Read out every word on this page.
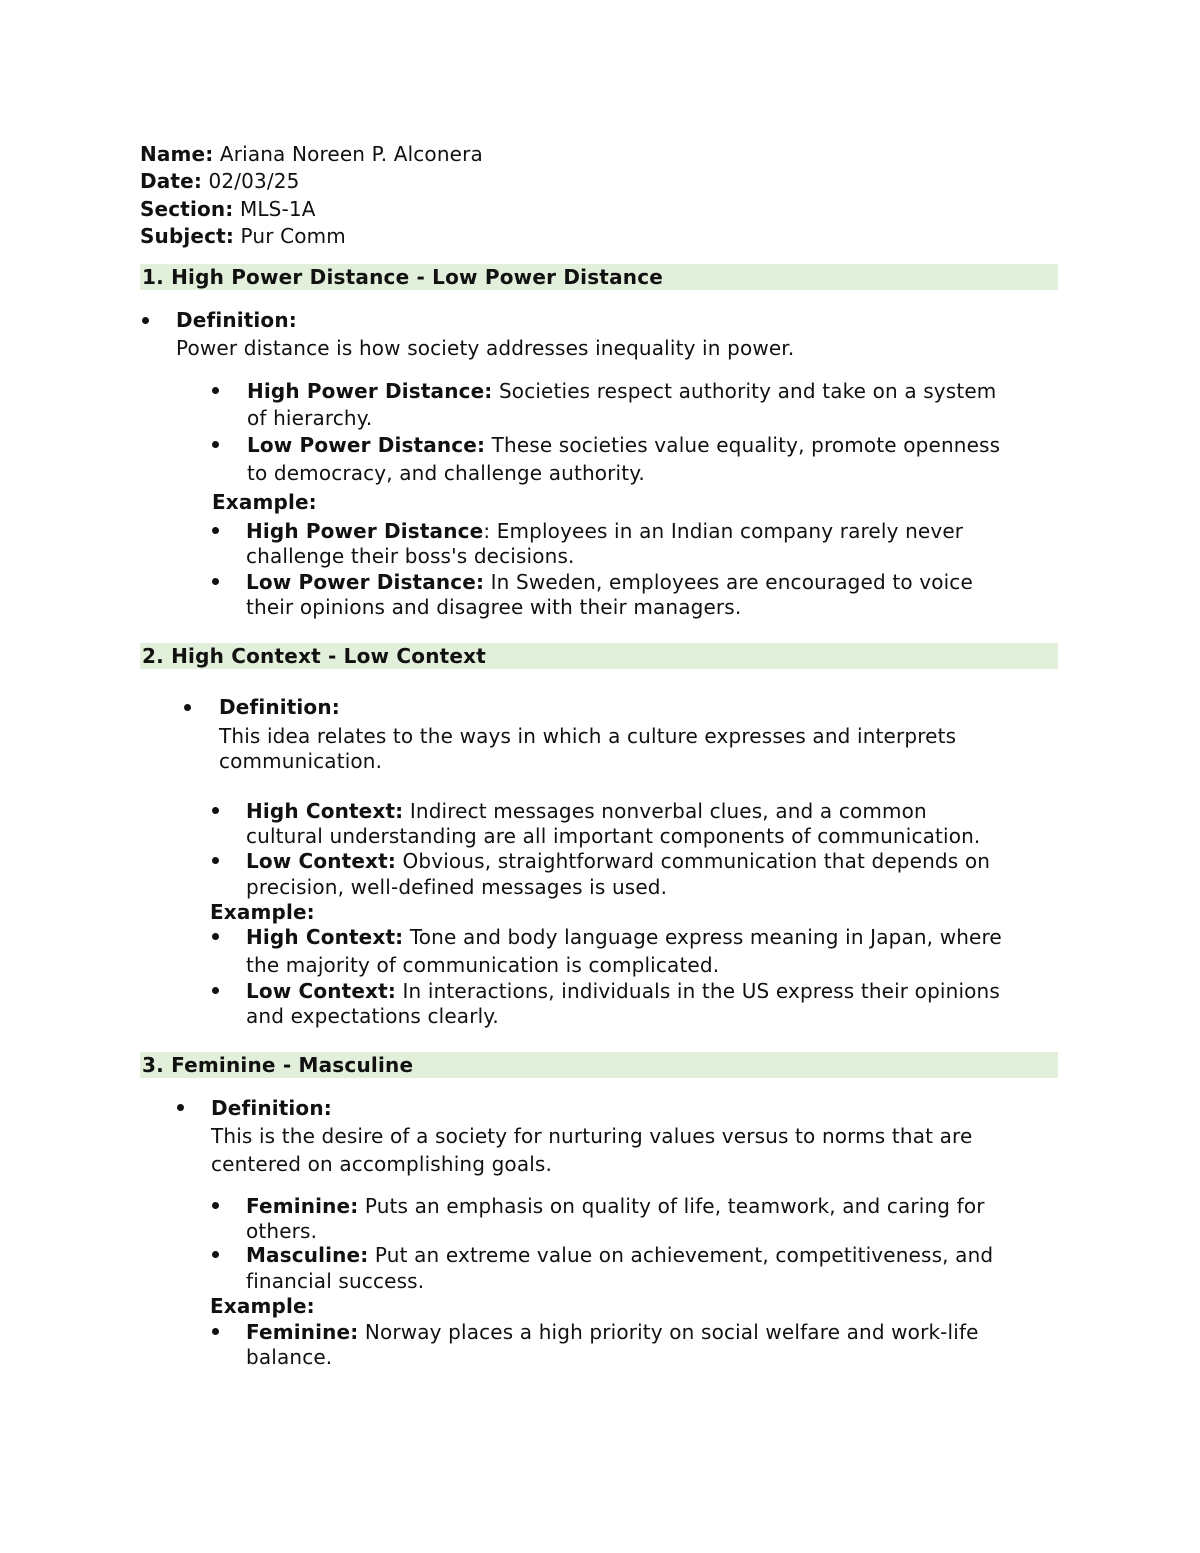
Name: Ariana Noreen P. Alconera
Date: 02/03/25
Section: MLS-1A
Subject: Pur Comm
1. High Power Distance - Low Power Distance
Definition:
Power distance is how society addresses inequality in power.
High Power Distance: Societies respect authority and take on a system
of hierarchy.
Low Power Distance: These societies value equality, promote openness
to democracy, and challenge authority.
Example:
High Power Distance: Employees in an Indian company rarely never
challenge their boss's decisions.
Low Power Distance: In Sweden, employees are encouraged to voice
their opinions and disagree with their managers.
2. High Context - Low Context
Definition:
This idea relates to the ways in which a culture expresses and interprets
communication.
High Context: Indirect messages nonverbal clues, and a common
cultural understanding are all important components of communication.
Low Context: Obvious, straightforward communication that depends on
precision, well-defined messages is used.
Example:
High Context: Tone and body language express meaning in Japan, where
the majority of communication is complicated.
Low Context: In interactions, individuals in the US express their opinions
and expectations clearly.
3. Feminine - Masculine
Definition:
This is the desire of a society for nurturing values versus to norms that are
centered on accomplishing goals.
Feminine: Puts an emphasis on quality of life, teamwork, and caring for
others.
Masculine: Put an extreme value on achievement, competitiveness, and
financial success.
Example:
Feminine: Norway places a high priority on social welfare and work-life
balance.
